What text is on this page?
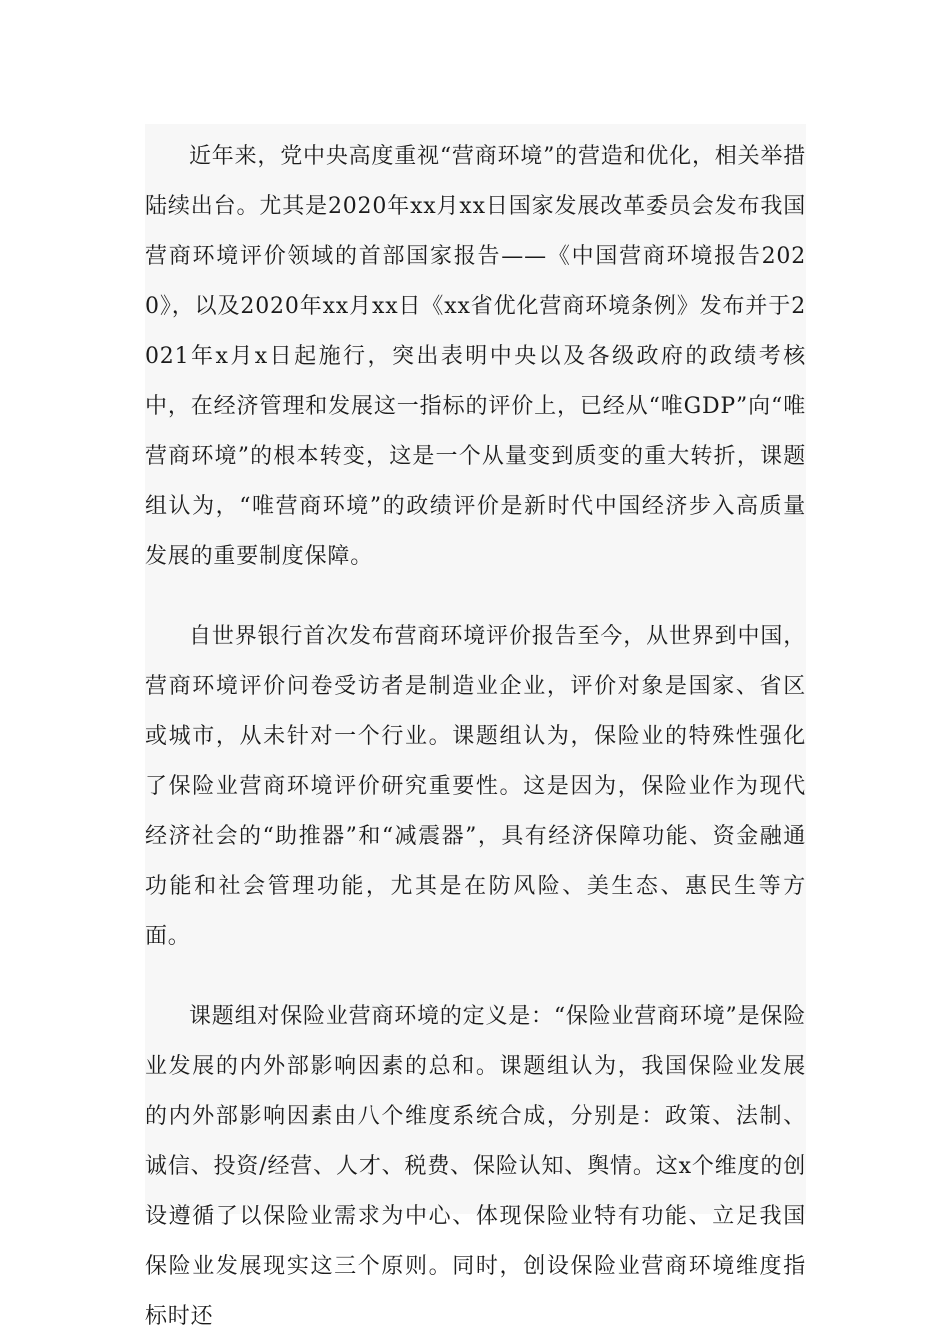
近年来，党中央高度重视“营商环境”的营造和优化，相关举措陆续出台。尤其是2020年xx月xx日国家发展改革委员会发布我国营商环境评价领域的首部国家报告——《中国营商环境报告2020》，以及2020年xx月xx日《xx省优化营商环境条例》发布并于2021年x月x日起施行，突出表明中央以及各级政府的政绩考核中，在经济管理和发展这一指标的评价上，已经从“唯GDP”向“唯营商环境”的根本转变，这是一个从量变到质变的重大转折，课题组认为，“唯营商环境”的政绩评价是新时代中国经济步入高质量发展的重要制度保障。

自世界银行首次发布营商环境评价报告至今，从世界到中国，营商环境评价问卷受访者是制造业企业，评价对象是国家、省区或城市，从未针对一个行业。课题组认为，保险业的特殊性强化了保险业营商环境评价研究重要性。这是因为，保险业作为现代经济社会的“助推器”和“减震器”，具有经济保障功能、资金融通功能和社会管理功能，尤其是在防风险、美生态、惠民生等方面。

课题组对保险业营商环境的定义是：“保险业营商环境”是保险业发展的内外部影响因素的总和。课题组认为，我国保险业发展的内外部影响因素由八个维度系统合成，分别是：政策、法制、诚信、投资/经营、人才、税费、保险认知、舆情。这x个维度的创设遵循了以保险业需求为中心、体现保险业特有功能、立足我国保险业发展现实这三个原则。同时，创设保险业营商环境维度指标时还
